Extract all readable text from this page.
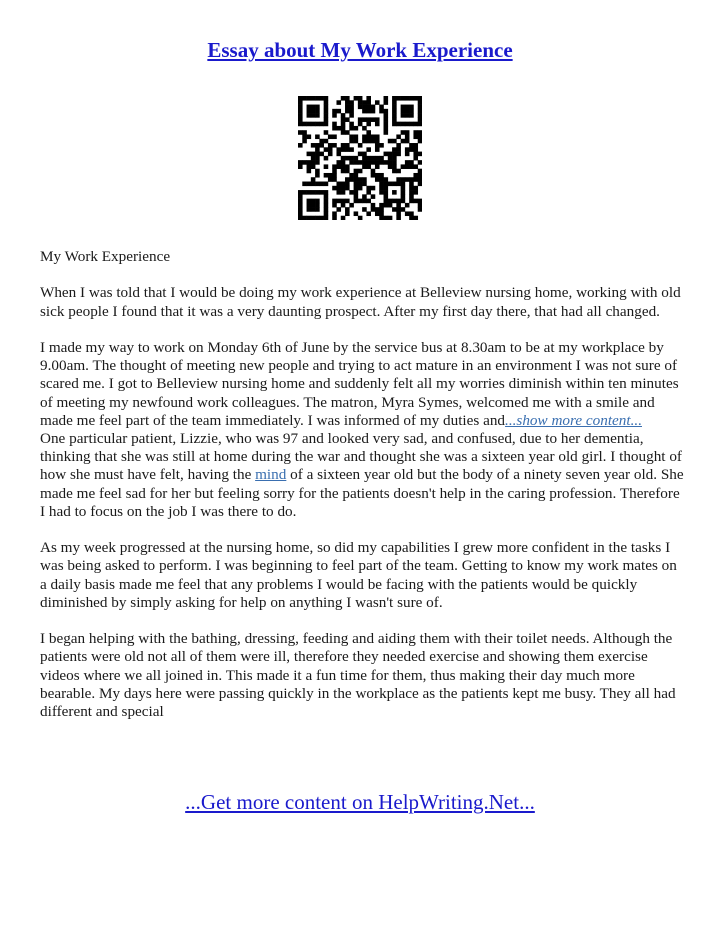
Essay about My Work Experience

My Work Experience

When I was told that I would be doing my work experience at Belleview nursing home, working with old sick people I found that it was a very daunting prospect. After my first day there, that had all changed.

I made my way to work on Monday 6th of June by the service bus at 8.30am to be at my workplace by 9.00am. The thought of meeting new people and trying to act mature in an environment I was not sure of scared me. I got to Belleview nursing home and suddenly felt all my worries diminish within ten minutes of meeting my newfound work colleagues. The matron, Myra Symes, welcomed me with a smile and made me feel part of the team immediately. I was informed of my duties and...show more content...

One particular patient, Lizzie, who was 97 and looked very sad, and confused, due to her dementia, thinking that she was still at home during the war and thought she was a sixteen year old girl. I thought of how she must have felt, having the mind of a sixteen year old but the body of a ninety seven year old. She made me feel sad for her but feeling sorry for the patients doesn't help in the caring profession. Therefore I had to focus on the job I was there to do.

As my week progressed at the nursing home, so did my capabilities I grew more confident in the tasks I was being asked to perform. I was beginning to feel part of the team. Getting to know my work mates on a daily basis made me feel that any problems I would be facing with the patients would be quickly diminished by simply asking for help on anything I wasn't sure of.

I began helping with the bathing, dressing, feeding and aiding them with their toilet needs. Although the patients were old not all of them were ill, therefore they needed exercise and showing them exercise videos where we all joined in. This made it a fun time for them, thus making their day much more bearable. My days here were passing quickly in the workplace as the patients kept me busy. They all had different and special

...Get more content on HelpWriting.Net...
